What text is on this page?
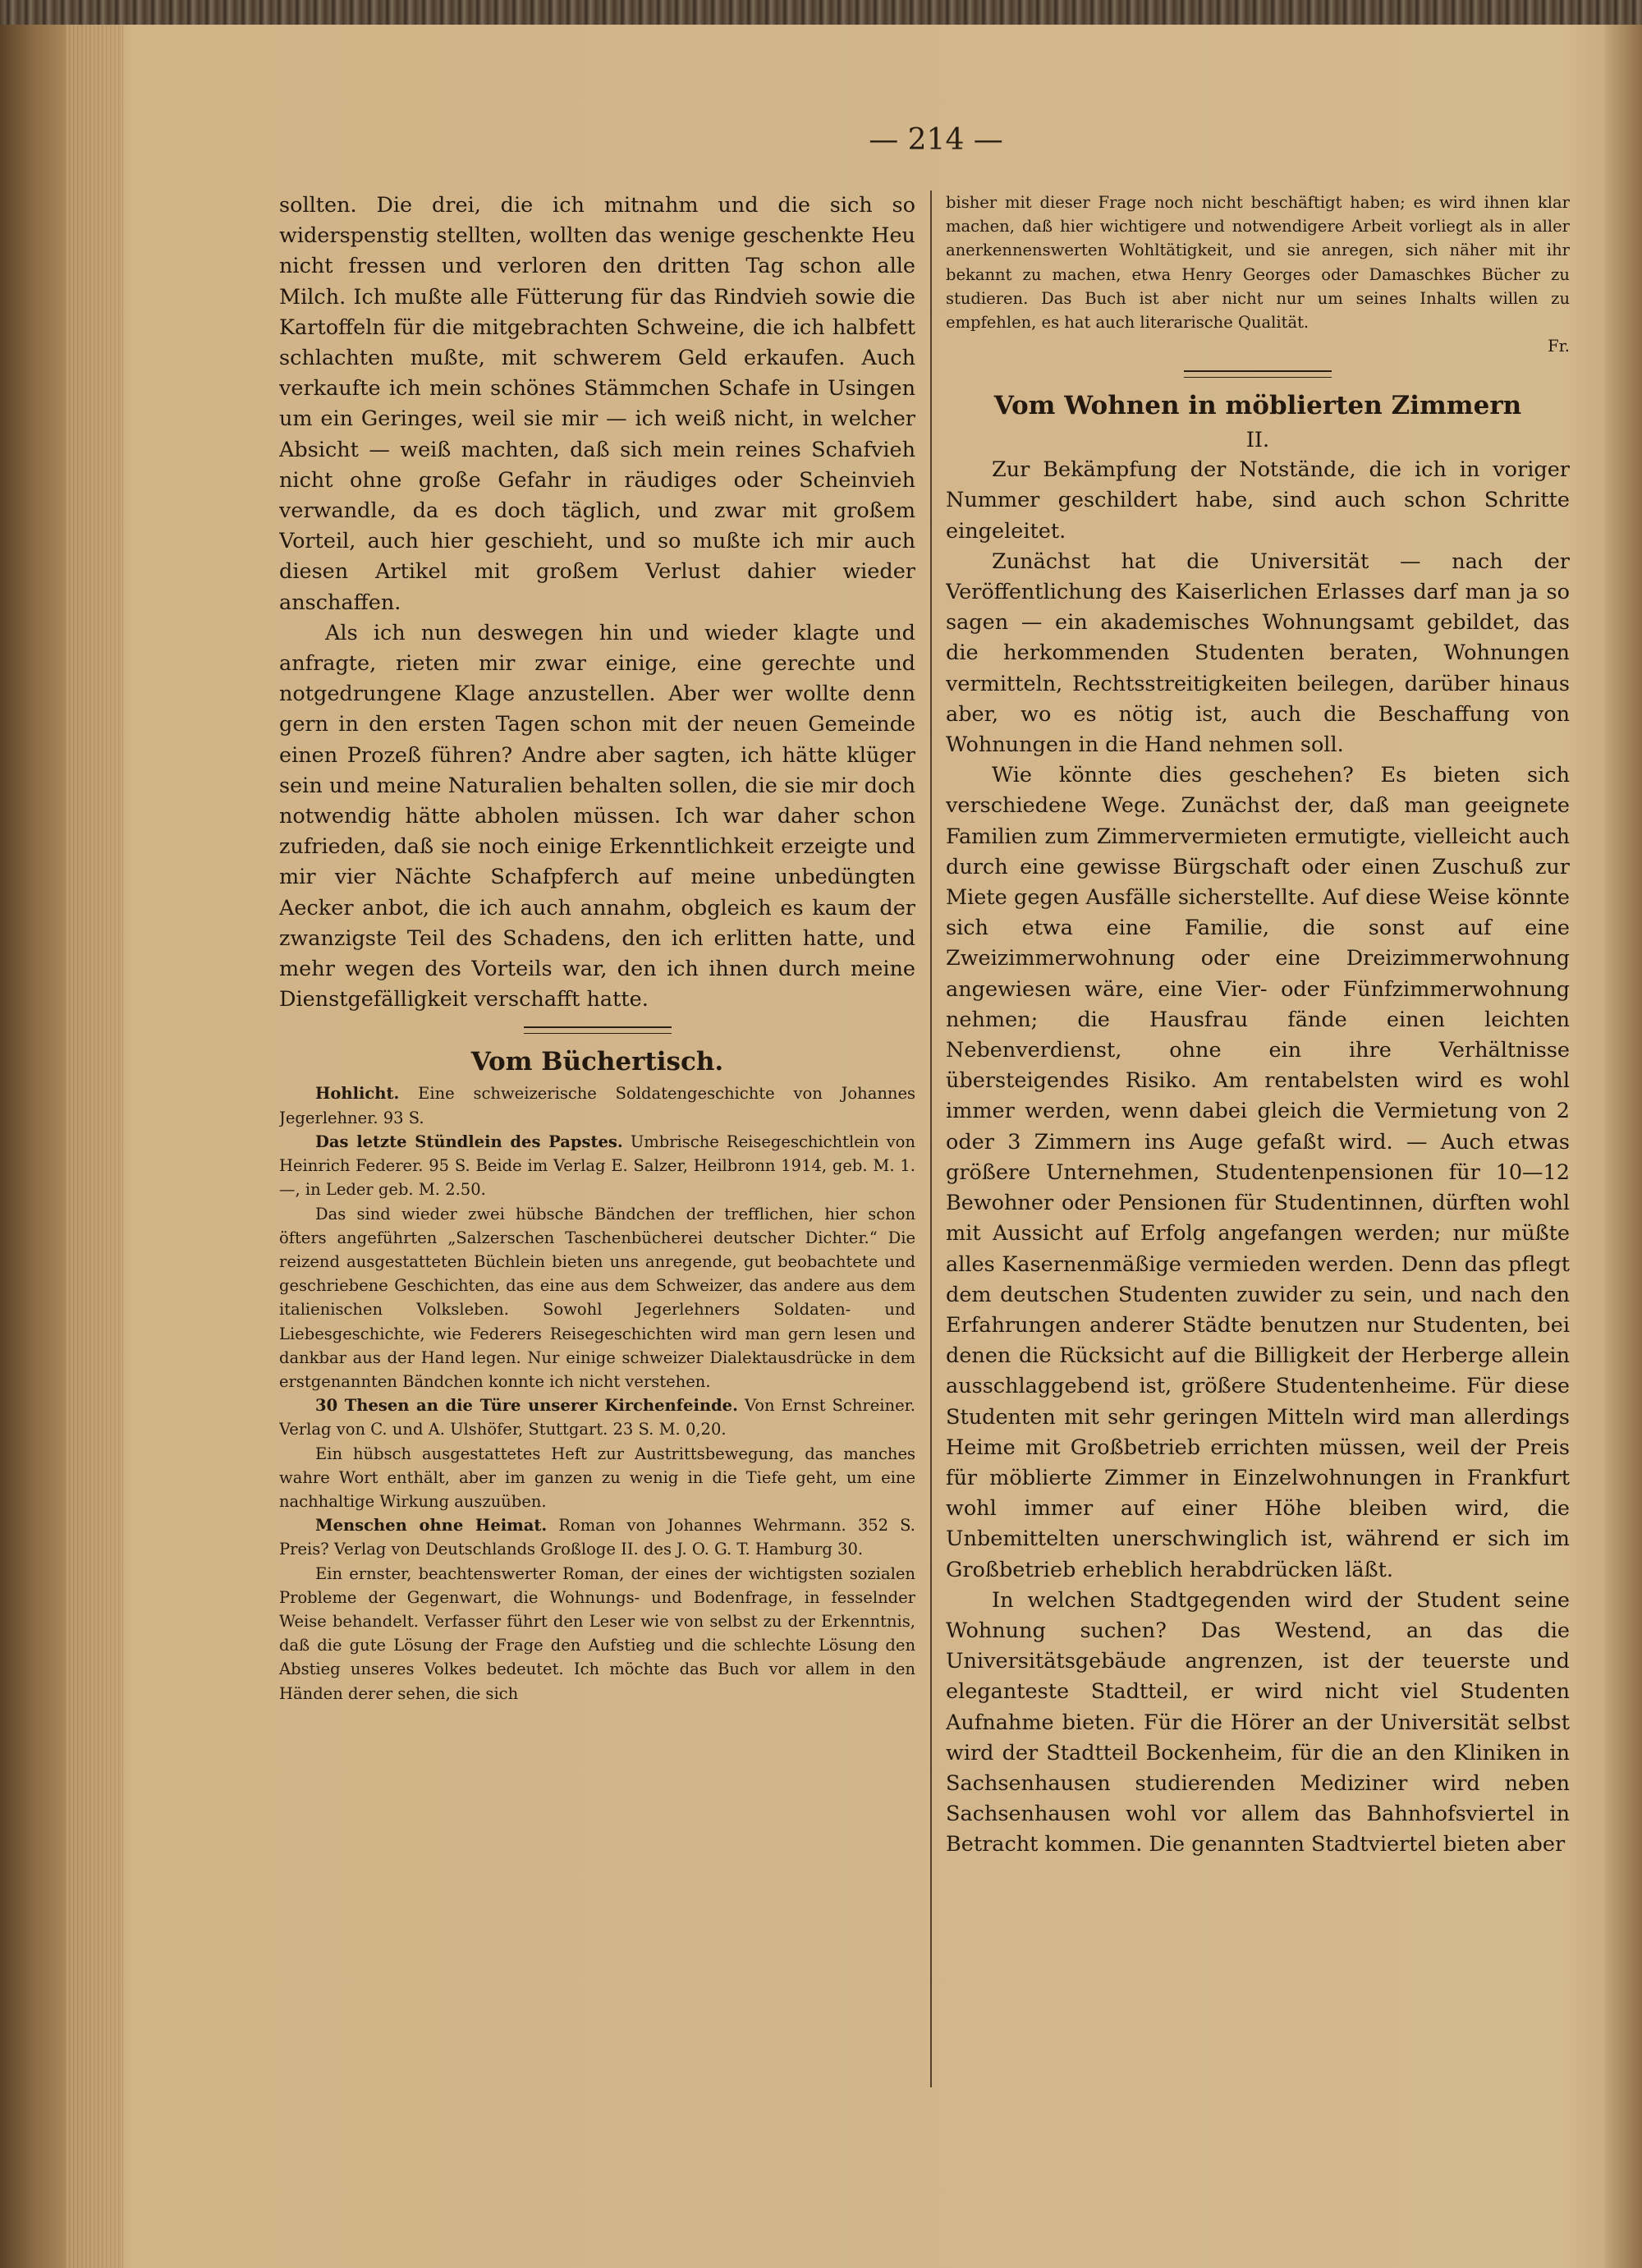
— 214 —

sollten. Die drei, die ich mitnahm und die sich so widerspenstig stellten, wollten das wenige geschenkte Heu nicht fressen und verloren den dritten Tag schon alle Milch. Ich mußte alle Fütterung für das Rindvieh sowie die Kartoffeln für die mitgebrachten Schweine, die ich halbfett schlachten mußte, mit schwerem Geld erkaufen. Auch verkaufte ich mein schönes Stämmchen Schafe in Usingen um ein Geringes, weil sie mir — ich weiß nicht, in welcher Absicht — weiß machten, daß sich mein reines Schafvieh nicht ohne große Gefahr in räudiges oder Scheinvieh verwandle, da es doch täglich, und zwar mit großem Vorteil, auch hier geschieht, und so mußte ich mir auch diesen Artikel mit großem Verlust dahier wieder anschaffen.

Als ich nun deswegen hin und wieder klagte und anfragte, rieten mir zwar einige, eine gerechte und notgedrungene Klage anzustellen. Aber wer wollte denn gern in den ersten Tagen schon mit der neuen Gemeinde einen Prozeß führen? Andre aber sagten, ich hätte klüger sein und meine Naturalien behalten sollen, die sie mir doch notwendig hätte abholen müssen. Ich war daher schon zufrieden, daß sie noch einige Erkenntlichkeit erzeigte und mir vier Nächte Schafpferch auf meine unbedüngten Aecker anbot, die ich auch annahm, obgleich es kaum der zwanzigste Teil des Schadens, den ich erlitten hatte, und mehr wegen des Vorteils war, den ich ihnen durch meine Dienstgefälligkeit verschafft hatte.

Vom Büchertisch.

Hohlicht. Eine schweizerische Soldatengeschichte von Johannes Jegerlehner. 93 S.

Das letzte Stündlein des Papstes. Umbrische Reisegeschichtlein von Heinrich Federer. 95 S. Beide im Verlag E. Salzer, Heilbronn 1914, geb. M. 1.—, in Leder geb. M. 2.50.

Das sind wieder zwei hübsche Bändchen der trefflichen, hier schon öfters angeführten „Salzerschen Taschenbücherei deutscher Dichter.“ Die reizend ausgestatteten Büchlein bieten uns anregende, gut beobachtete und geschriebene Geschichten, das eine aus dem Schweizer, das andere aus dem italienischen Volksleben. Sowohl Jegerlehners Soldaten- und Liebesgeschichte, wie Federers Reisegeschichten wird man gern lesen und dankbar aus der Hand legen. Nur einige schweizer Dialektausdrücke in dem erstgenannten Bändchen konnte ich nicht verstehen.

30 Thesen an die Türe unserer Kirchenfeinde. Von Ernst Schreiner. Verlag von C. und A. Ulshöfer, Stuttgart. 23 S. M. 0,20.

Ein hübsch ausgestattetes Heft zur Austrittsbewegung, das manches wahre Wort enthält, aber im ganzen zu wenig in die Tiefe geht, um eine nachhaltige Wirkung auszuüben.

Menschen ohne Heimat. Roman von Johannes Wehrmann. 352 S. Preis? Verlag von Deutschlands Großloge II. des J. O. G. T. Hamburg 30.

Ein ernster, beachtenswerter Roman, der eines der wichtigsten sozialen Probleme der Gegenwart, die Wohnungs- und Bodenfrage, in fesselnder Weise behandelt. Verfasser führt den Leser wie von selbst zu der Erkenntnis, daß die gute Lösung der Frage den Aufstieg und die schlechte Lösung den Abstieg unseres Volkes bedeutet. Ich möchte das Buch vor allem in den Händen derer sehen, die sich

bisher mit dieser Frage noch nicht beschäftigt haben; es wird ihnen klar machen, daß hier wichtigere und notwendigere Arbeit vorliegt als in aller anerkennenswerten Wohltätigkeit, und sie anregen, sich näher mit ihr bekannt zu machen, etwa Henry Georges oder Damaschkes Bücher zu studieren. Das Buch ist aber nicht nur um seines Inhalts willen zu empfehlen, es hat auch literarische Qualität.

Fr.
Vom Wohnen in möblierten Zimmern
II.

Zur Bekämpfung der Notstände, die ich in voriger Nummer geschildert habe, sind auch schon Schritte eingeleitet.

Zunächst hat die Universität — nach der Veröffentlichung des Kaiserlichen Erlasses darf man ja so sagen — ein akademisches Wohnungsamt gebildet, das die herkommenden Studenten beraten, Wohnungen vermitteln, Rechtsstreitigkeiten beilegen, darüber hinaus aber, wo es nötig ist, auch die Beschaffung von Wohnungen in die Hand nehmen soll.

Wie könnte dies geschehen? Es bieten sich verschiedene Wege. Zunächst der, daß man geeignete Familien zum Zimmervermieten ermutigte, vielleicht auch durch eine gewisse Bürgschaft oder einen Zuschuß zur Miete gegen Ausfälle sicherstellte. Auf diese Weise könnte sich etwa eine Familie, die sonst auf eine Zweizimmerwohnung oder eine Dreizimmerwohnung angewiesen wäre, eine Vier- oder Fünfzimmerwohnung nehmen; die Hausfrau fände einen leichten Nebenverdienst, ohne ein ihre Verhältnisse übersteigendes Risiko. Am rentabelsten wird es wohl immer werden, wenn dabei gleich die Vermietung von 2 oder 3 Zimmern ins Auge gefaßt wird. — Auch etwas größere Unternehmen, Studentenpensionen für 10—12 Bewohner oder Pensionen für Studentinnen, dürften wohl mit Aussicht auf Erfolg angefangen werden; nur müßte alles Kasernenmäßige vermieden werden. Denn das pflegt dem deutschen Studenten zuwider zu sein, und nach den Erfahrungen anderer Städte benutzen nur Studenten, bei denen die Rücksicht auf die Billigkeit der Herberge allein ausschlaggebend ist, größere Studentenheime. Für diese Studenten mit sehr geringen Mitteln wird man allerdings Heime mit Großbetrieb errichten müssen, weil der Preis für möblierte Zimmer in Einzelwohnungen in Frankfurt wohl immer auf einer Höhe bleiben wird, die Unbemittelten unerschwinglich ist, während er sich im Großbetrieb erheblich herabdrücken läßt.

In welchen Stadtgegenden wird der Student seine Wohnung suchen? Das Westend, an das die Universitätsgebäude angrenzen, ist der teuerste und eleganteste Stadtteil, er wird nicht viel Studenten Aufnahme bieten. Für die Hörer an der Universität selbst wird der Stadtteil Bockenheim, für die an den Kliniken in Sachsenhausen studierenden Mediziner wird neben Sachsenhausen wohl vor allem das Bahnhofsviertel in Betracht kommen. Die genannten Stadtviertel bieten aber
